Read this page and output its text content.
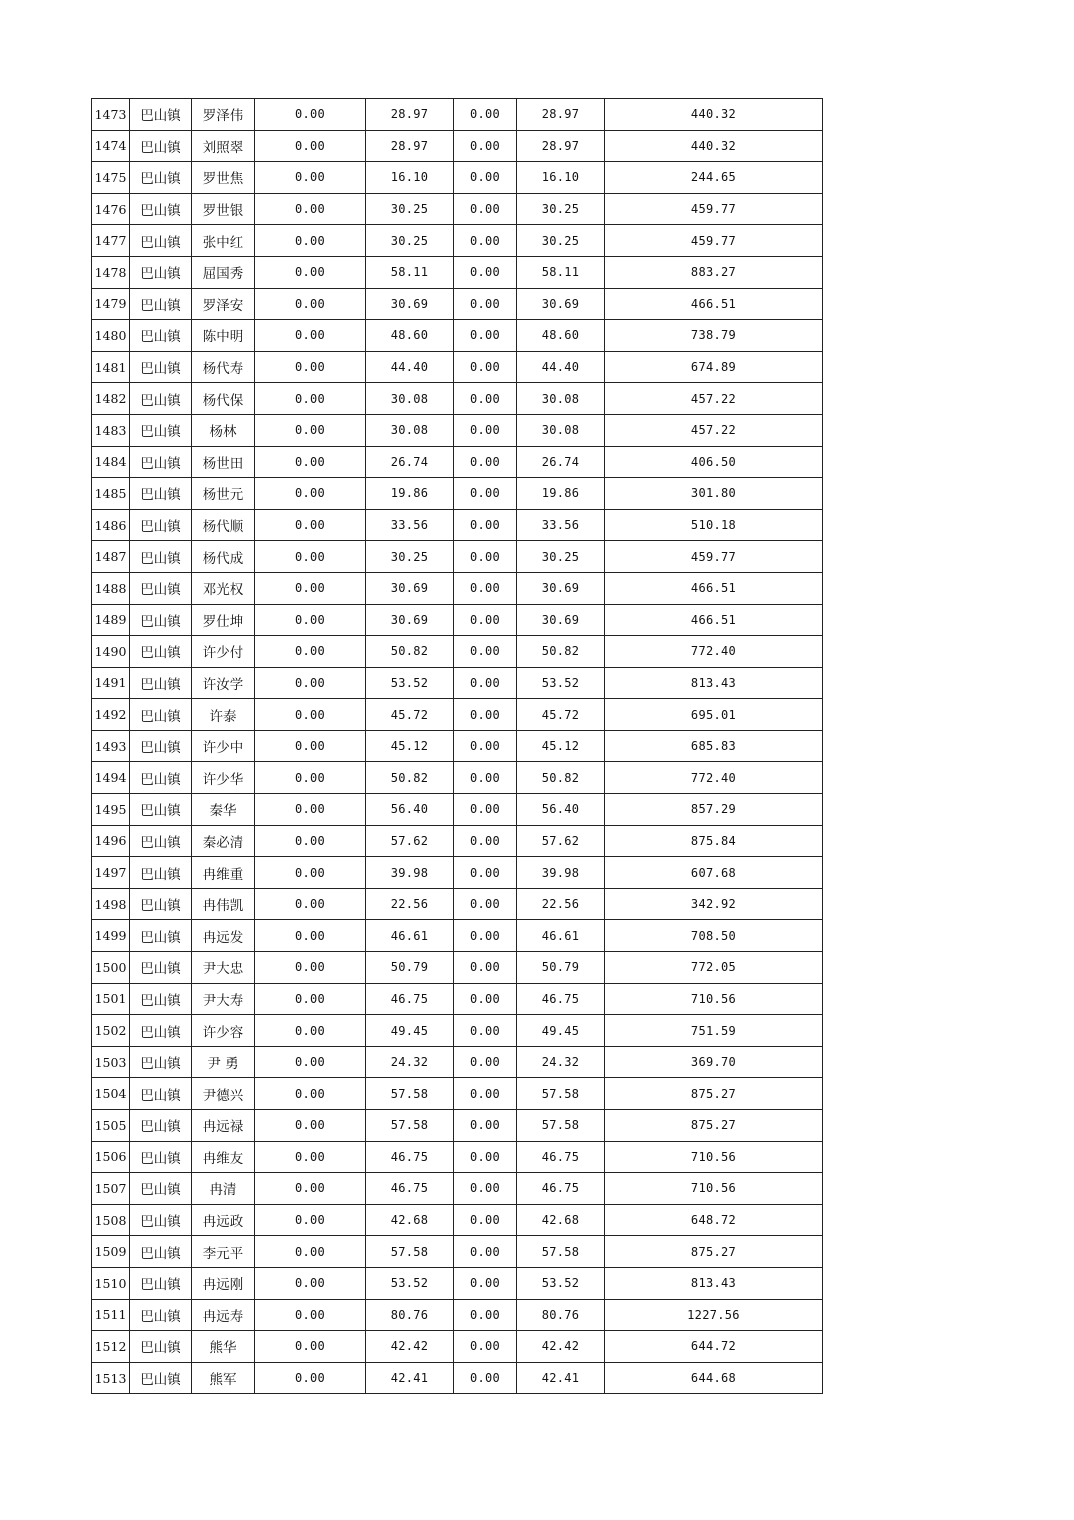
1473	巴山镇	罗泽伟	0.00	28.97	0.00	28.97	440.32
1474	巴山镇	刘照翠	0.00	28.97	0.00	28.97	440.32
1475	巴山镇	罗世焦	0.00	16.10	0.00	16.10	244.65
1476	巴山镇	罗世银	0.00	30.25	0.00	30.25	459.77
1477	巴山镇	张中红	0.00	30.25	0.00	30.25	459.77
1478	巴山镇	屈国秀	0.00	58.11	0.00	58.11	883.27
1479	巴山镇	罗泽安	0.00	30.69	0.00	30.69	466.51
1480	巴山镇	陈中明	0.00	48.60	0.00	48.60	738.79
1481	巴山镇	杨代寿	0.00	44.40	0.00	44.40	674.89
1482	巴山镇	杨代保	0.00	30.08	0.00	30.08	457.22
1483	巴山镇	杨林	0.00	30.08	0.00	30.08	457.22
1484	巴山镇	杨世田	0.00	26.74	0.00	26.74	406.50
1485	巴山镇	杨世元	0.00	19.86	0.00	19.86	301.80
1486	巴山镇	杨代顺	0.00	33.56	0.00	33.56	510.18
1487	巴山镇	杨代成	0.00	30.25	0.00	30.25	459.77
1488	巴山镇	邓光权	0.00	30.69	0.00	30.69	466.51
1489	巴山镇	罗仕坤	0.00	30.69	0.00	30.69	466.51
1490	巴山镇	许少付	0.00	50.82	0.00	50.82	772.40
1491	巴山镇	许汝学	0.00	53.52	0.00	53.52	813.43
1492	巴山镇	许泰	0.00	45.72	0.00	45.72	695.01
1493	巴山镇	许少中	0.00	45.12	0.00	45.12	685.83
1494	巴山镇	许少华	0.00	50.82	0.00	50.82	772.40
1495	巴山镇	秦华	0.00	56.40	0.00	56.40	857.29
1496	巴山镇	秦必清	0.00	57.62	0.00	57.62	875.84
1497	巴山镇	冉维重	0.00	39.98	0.00	39.98	607.68
1498	巴山镇	冉伟凯	0.00	22.56	0.00	22.56	342.92
1499	巴山镇	冉远发	0.00	46.61	0.00	46.61	708.50
1500	巴山镇	尹大忠	0.00	50.79	0.00	50.79	772.05
1501	巴山镇	尹大寿	0.00	46.75	0.00	46.75	710.56
1502	巴山镇	许少容	0.00	49.45	0.00	49.45	751.59
1503	巴山镇	尹 勇	0.00	24.32	0.00	24.32	369.70
1504	巴山镇	尹德兴	0.00	57.58	0.00	57.58	875.27
1505	巴山镇	冉远禄	0.00	57.58	0.00	57.58	875.27
1506	巴山镇	冉维友	0.00	46.75	0.00	46.75	710.56
1507	巴山镇	冉清	0.00	46.75	0.00	46.75	710.56
1508	巴山镇	冉远政	0.00	42.68	0.00	42.68	648.72
1509	巴山镇	李元平	0.00	57.58	0.00	57.58	875.27
1510	巴山镇	冉远刚	0.00	53.52	0.00	53.52	813.43
1511	巴山镇	冉远寿	0.00	80.76	0.00	80.76	1227.56
1512	巴山镇	熊华	0.00	42.42	0.00	42.42	644.72
1513	巴山镇	熊军	0.00	42.41	0.00	42.41	644.68
